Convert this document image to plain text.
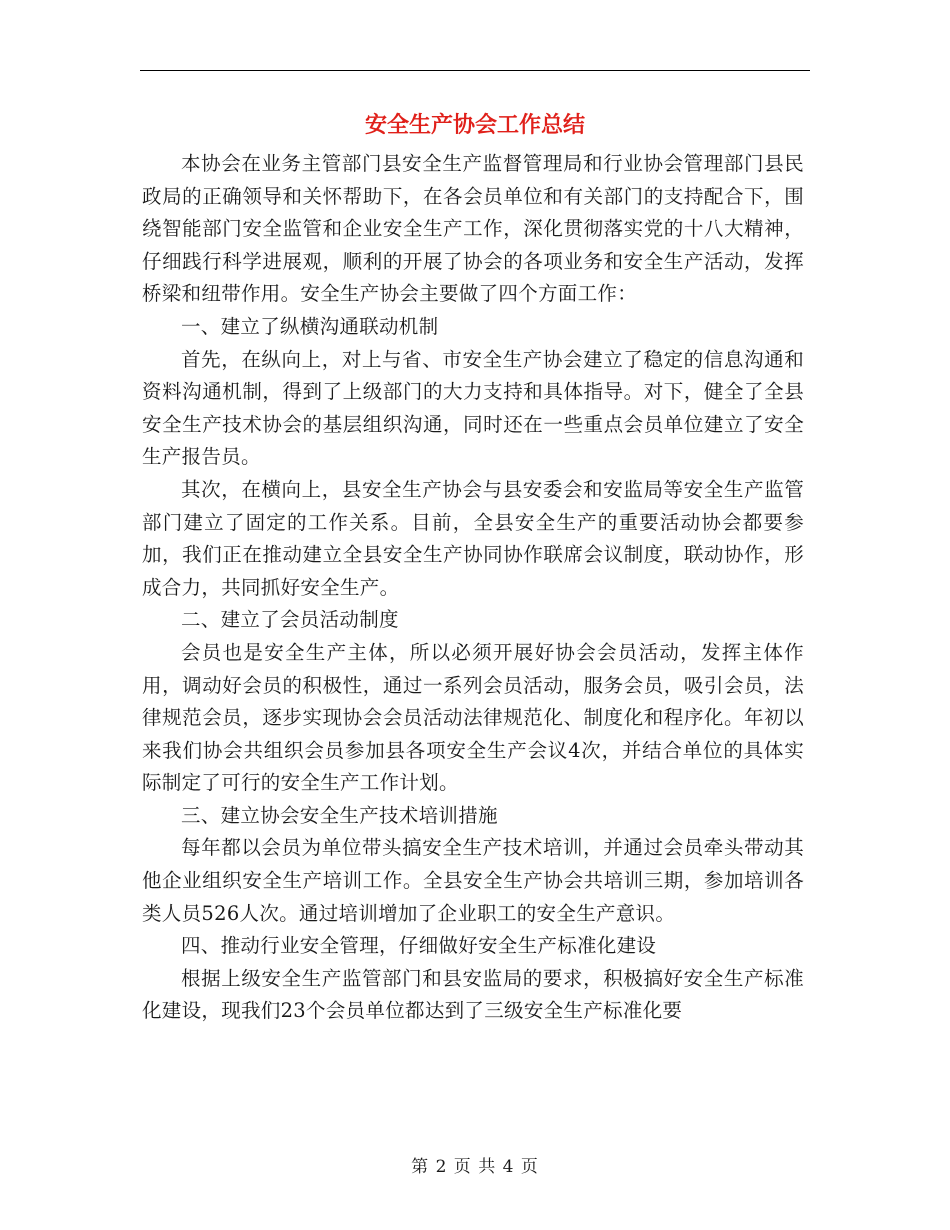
安全生产协会工作总结

本协会在业务主管部门县安全生产监督管理局和行业协会管理部门县民政局的正确领导和关怀帮助下，在各会员单位和有关部门的支持配合下，围绕智能部门安全监管和企业安全生产工作，深化贯彻落实党的十八大精神，仔细践行科学进展观，顺利的开展了协会的各项业务和安全生产活动，发挥桥梁和纽带作用。安全生产协会主要做了四个方面工作：

一、建立了纵横沟通联动机制

首先，在纵向上，对上与省、市安全生产协会建立了稳定的信息沟通和资料沟通机制，得到了上级部门的大力支持和具体指导。对下，健全了全县安全生产技术协会的基层组织沟通，同时还在一些重点会员单位建立了安全生产报告员。

其次，在横向上，县安全生产协会与县安委会和安监局等安全生产监管部门建立了固定的工作关系。目前，全县安全生产的重要活动协会都要参加，我们正在推动建立全县安全生产协同协作联席会议制度，联动协作，形成合力，共同抓好安全生产。

二、建立了会员活动制度

会员也是安全生产主体，所以必须开展好协会会员活动，发挥主体作用，调动好会员的积极性，通过一系列会员活动，服务会员，吸引会员，法律规范会员，逐步实现协会会员活动法律规范化、制度化和程序化。年初以来我们协会共组织会员参加县各项安全生产会议4次，并结合单位的具体实际制定了可行的安全生产工作计划。

三、建立协会安全生产技术培训措施

每年都以会员为单位带头搞安全生产技术培训，并通过会员牵头带动其他企业组织安全生产培训工作。全县安全生产协会共培训三期，参加培训各类人员526人次。通过培训增加了企业职工的安全生产意识。

四、推动行业安全管理，仔细做好安全生产标准化建设

根据上级安全生产监管部门和县安监局的要求，积极搞好安全生产标准化建设，现我们23个会员单位都达到了三级安全生产标准化要

第 2 页 共 4 页
